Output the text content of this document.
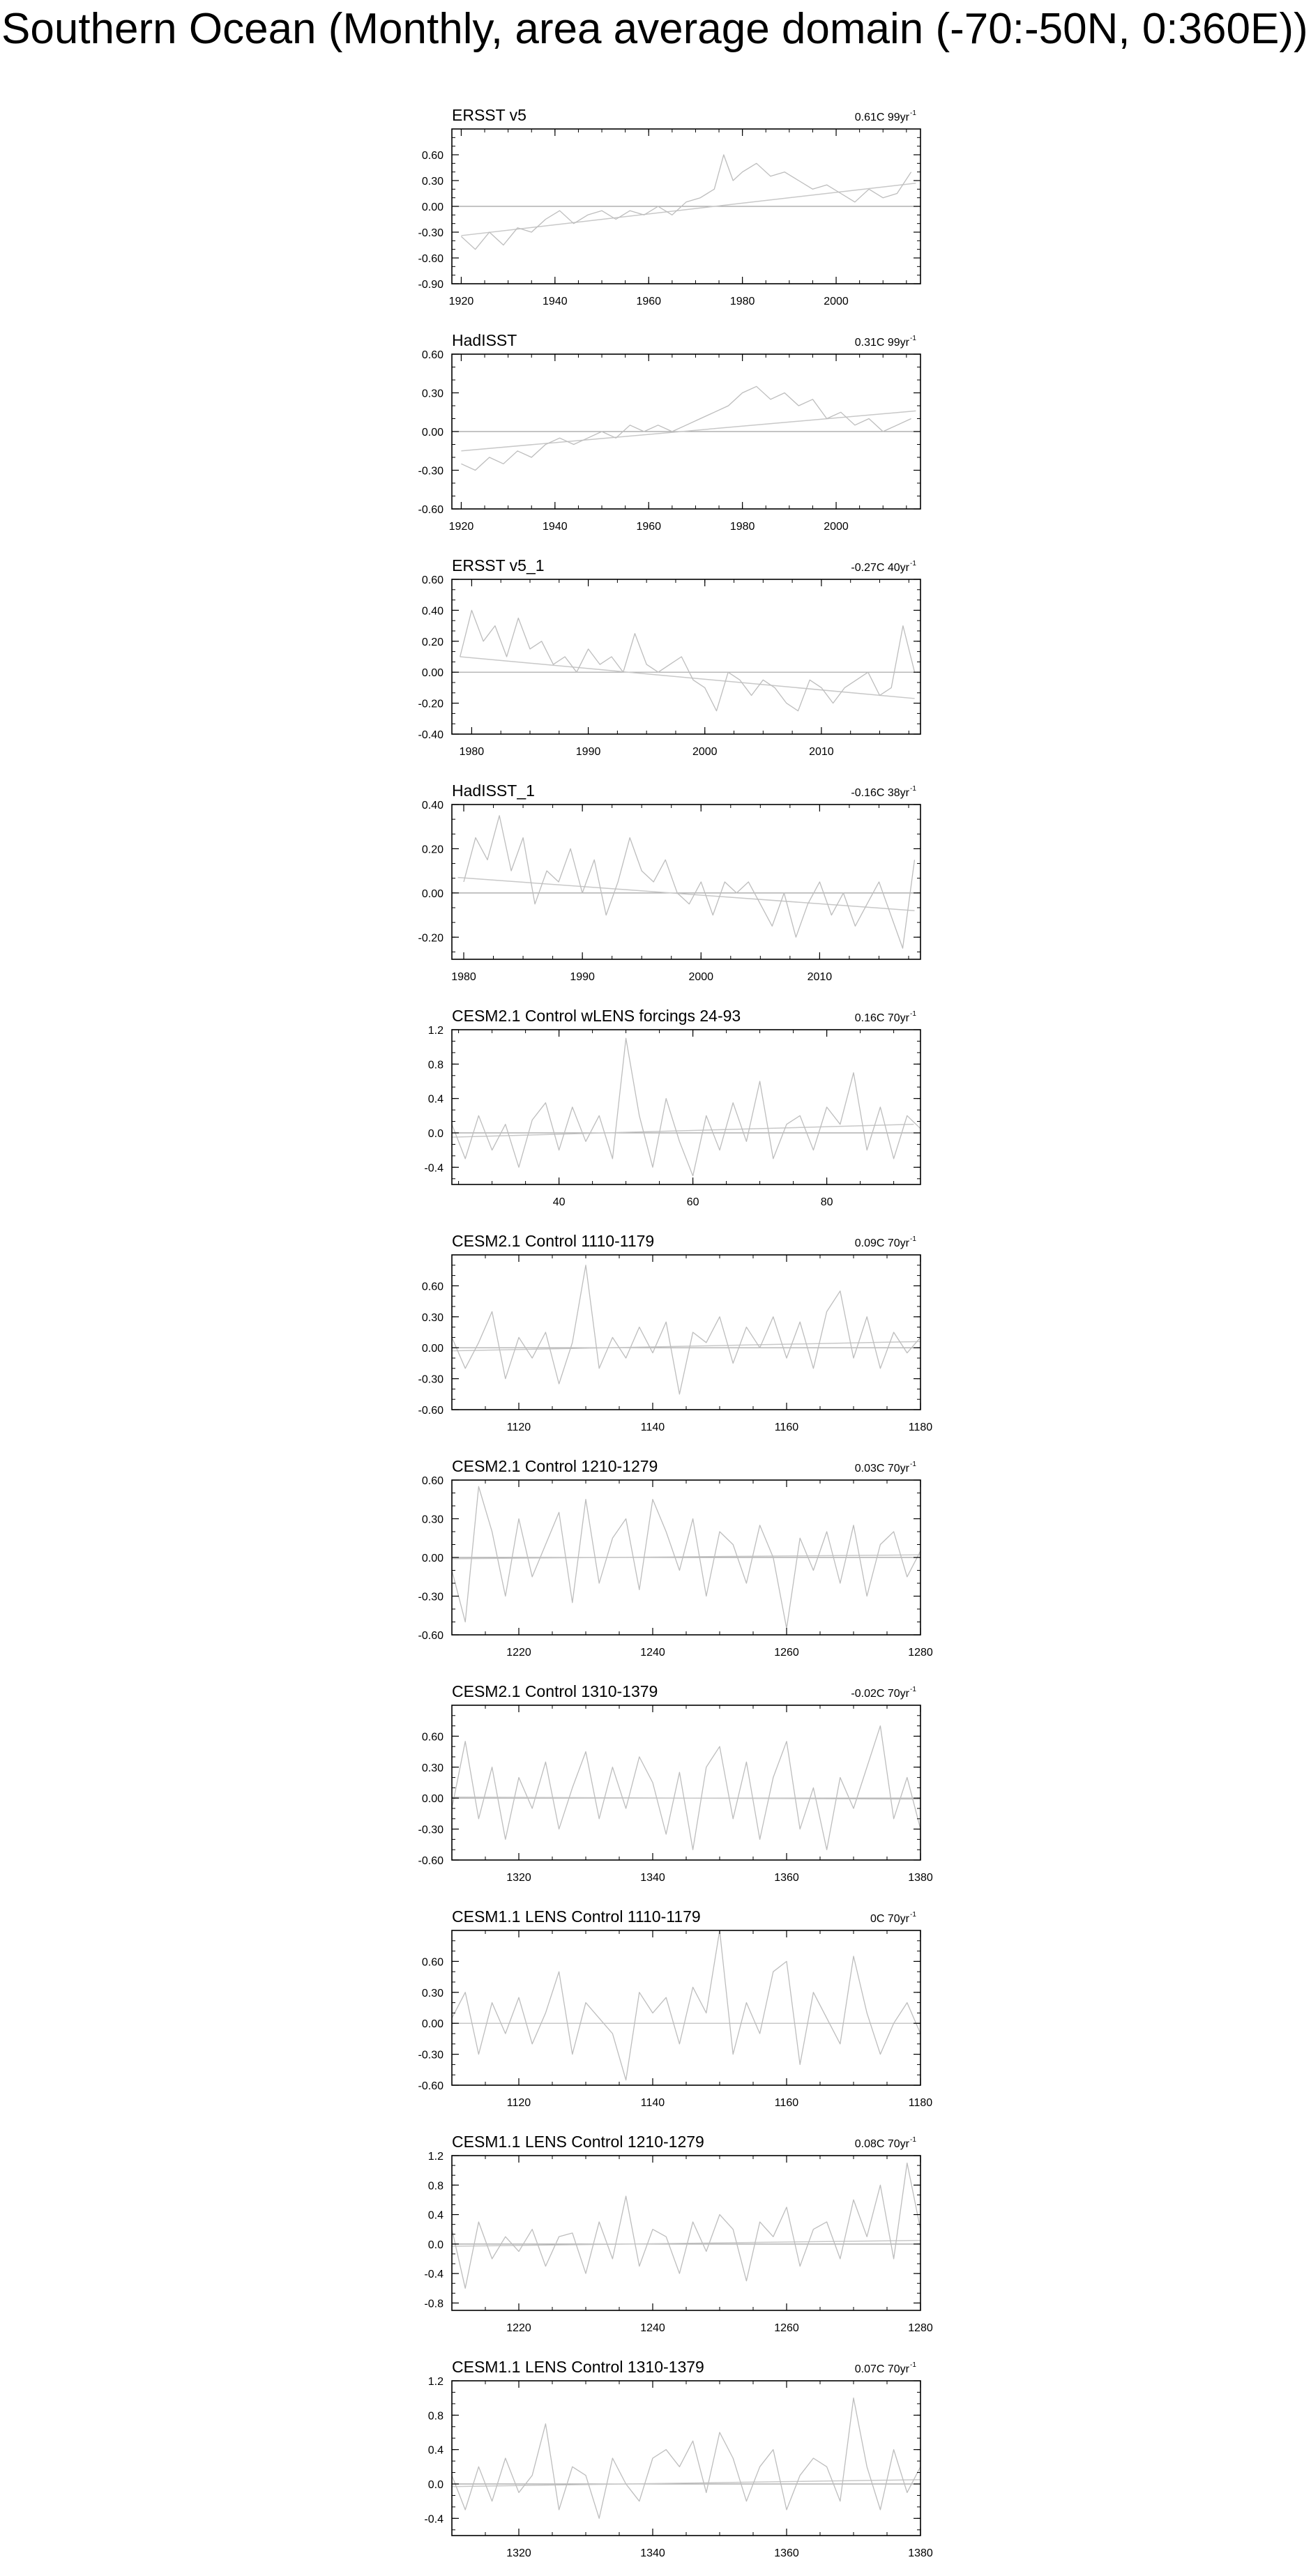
Southern Ocean (Monthly, area average domain (-70:-50N, 0:360E))
ERSST v5	0.61C 99yr -1
-0.90
-0.60
-0.30
0.00
0.30
0.60
1920	1940	1960	1980	2000
HadISST	0.31C 99yr -1
-0.60
-0.30
0.00
0.30
0.60
1920	1940	1960	1980	2000
ERSST v5_1	-0.27C 40yr -1
-0.40
-0.20
0.00
0.20
0.40
0.60
1980	1990	2000	2010
HadISST_1	-0.16C 38yr -1
-0.20
0.00
0.20
0.40
1980	1990	2000	2010
CESM2.1 Control wLENS forcings 24-93	0.16C 70yr -1
-0.4
0.0
0.4
0.8
1.2
40	60	80
CESM2.1 Control 1110-1179	0.09C 70yr -1
-0.60
-0.30
0.00
0.30
0.60
1120	1140	1160	1180
CESM2.1 Control 1210-1279	0.03C 70yr -1
-0.60
-0.30
0.00
0.30
0.60
1220	1240	1260	1280
CESM2.1 Control 1310-1379	-0.02C 70yr -1
-0.60
-0.30
0.00
0.30
0.60
1320	1340	1360	1380
CESM1.1 LENS Control 1110-1179	0C 70yr -1
-0.60
-0.30
0.00
0.30
0.60
1120	1140	1160	1180
CESM1.1 LENS Control 1210-1279	0.08C 70yr -1
-0.8
-0.4
0.0
0.4
0.8
1.2
1220	1240	1260	1280
CESM1.1 LENS Control 1310-1379	0.07C 70yr -1
-0.4
0.0
0.4
0.8
1.2
1320	1340	1360	1380
